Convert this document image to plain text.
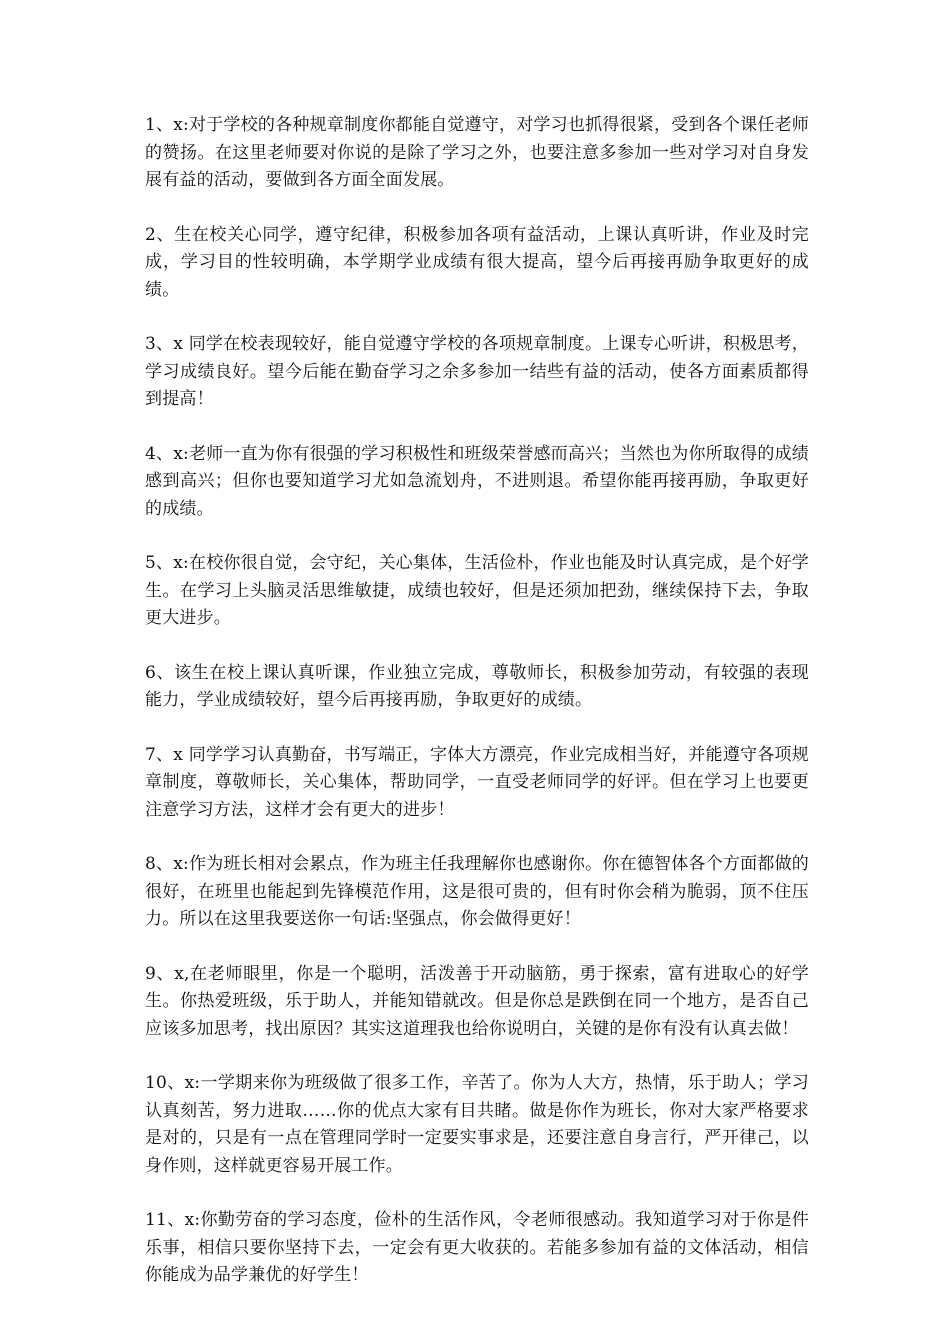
1、x:对于学校的各种规章制度你都能自觉遵守，对学习也抓得很紧，受到各个课任老师的赞扬。在这里老师要对你说的是除了学习之外，也要注意多参加一些对学习对自身发展有益的活动，要做到各方面全面发展。

2、生在校关心同学，遵守纪律，积极参加各项有益活动，上课认真听讲，作业及时完成，学习目的性较明确，本学期学业成绩有很大提高，望今后再接再励争取更好的成绩。

3、x 同学在校表现较好，能自觉遵守学校的各项规章制度。上课专心听讲，积极思考，学习成绩良好。望今后能在勤奋学习之余多参加一结些有益的活动，使各方面素质都得到提高！

4、x:老师一直为你有很强的学习积极性和班级荣誉感而高兴；当然也为你所取得的成绩感到高兴；但你也要知道学习尤如急流划舟，不进则退。希望你能再接再励，争取更好的成绩。

5、x:在校你很自觉，会守纪，关心集体，生活俭朴，作业也能及时认真完成，是个好学生。在学习上头脑灵活思维敏捷，成绩也较好，但是还须加把劲，继续保持下去，争取更大进步。

6、该生在校上课认真听课，作业独立完成，尊敬师长，积极参加劳动，有较强的表现能力，学业成绩较好，望今后再接再励，争取更好的成绩。

7、x 同学学习认真勤奋，书写端正，字体大方漂亮，作业完成相当好，并能遵守各项规章制度，尊敬师长，关心集体，帮助同学，一直受老师同学的好评。但在学习上也要更注意学习方法，这样才会有更大的进步！

8、x:作为班长相对会累点，作为班主任我理解你也感谢你。你在德智体各个方面都做的很好，在班里也能起到先锋模范作用，这是很可贵的，但有时你会稍为脆弱，顶不住压力。所以在这里我要送你一句话:坚强点，你会做得更好！

9、x,在老师眼里，你是一个聪明，活泼善于开动脑筋，勇于探索，富有进取心的好学生。你热爱班级，乐于助人，并能知错就改。但是你总是跌倒在同一个地方，是否自己应该多加思考，找出原因？其实这道理我也给你说明白，关键的是你有没有认真去做！

10、x:一学期来你为班级做了很多工作，辛苦了。你为人大方，热情，乐于助人；学习认真刻苦，努力进取……你的优点大家有目共睹。做是你作为班长，你对大家严格要求是对的，只是有一点在管理同学时一定要实事求是，还要注意自身言行，严开律己，以身作则，这样就更容易开展工作。

11、x:你勤劳奋的学习态度，俭朴的生活作风，令老师很感动。我知道学习对于你是件乐事，相信只要你坚持下去，一定会有更大收获的。若能多参加有益的文体活动，相信你能成为品学兼优的好学生！
